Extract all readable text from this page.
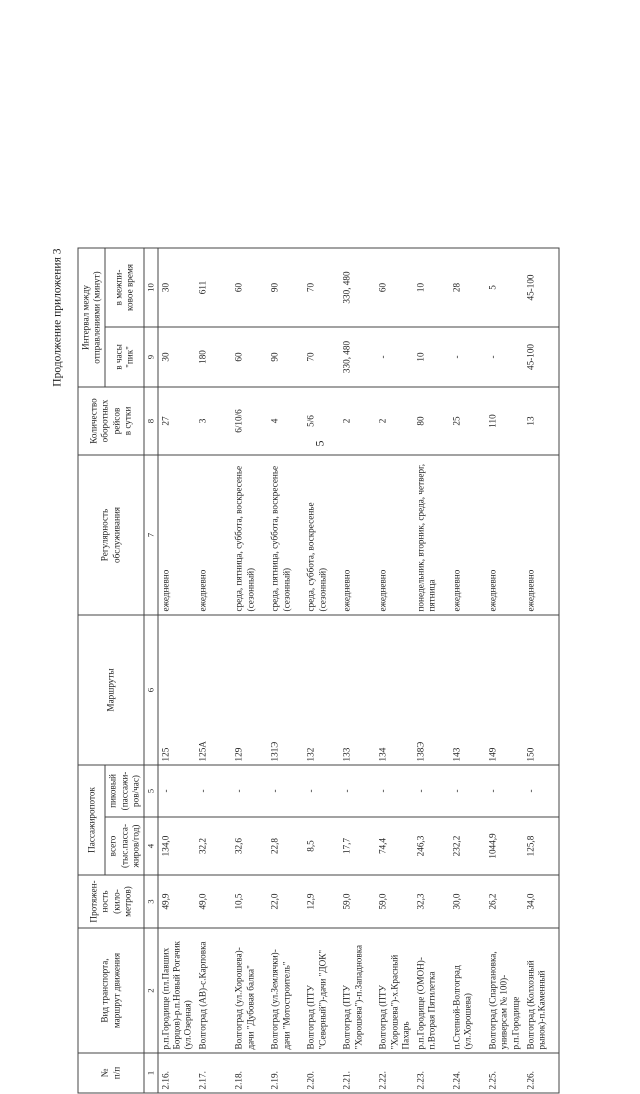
5
Продолжение приложения 3
№
п/п	Вид транспорта,
маршрут движения	Протяжен-
ность (кило-
метров)	Пассажиропоток		Маршруты	Регулярность
обслуживания	Количество
оборотных
рейсов
в сутки	Интервал между
отправлениями (минут)	
			всего
(тыс.пасса-
жиров/год)	пиковый
(пассажи-
ров/час)				в часы
"пик"	в межпи-
ковое время
1	2	3	4	5	6	7	8	9	10
2.16.	р.п.Городище (пл.Павших Борцов)-р.п.Новый Рогачик (ул.Озерная)	49,9	134,0	-	125	ежедневно	27	30	30
2.17.	Волгоград (АВ)-с.Карповка	49,0	32,2	-	125А	ежедневно	3	180	611
2.18.	Волгоград (ул.Хорошева)-дачи "Дубовая балка"	10,5	32,6	-	129	среда, пятница, суббота, воскресенье (сезонный)	6/10/6	60	60
2.19.	Волгоград (ул.Землячки)-дачи "Мотостроитель"	22,0	22,8	-	131Э	среда, пятница, суббота, воскресенье (сезонный)	4	90	90
2.20.	Волгоград (ПТУ "Северный")-дачи "ДОК"	12,9	8,5	-	132	среда, суббота, воскресенье (сезонный)	5/6	70	70
2.21.	Волгоград (ПТУ "Хорошева")-п.Западновка	59,0	17,7	-	133	ежедневно	2	330, 480	330, 480
2.22.	Волгоград (ПТУ "Хорошева")-х.Красный Пахарь	59,0	74,4	-	134	ежедневно	2	-	60
2.23.	р.п.Городище (ОМОН)-п.Вторая Пятилетка	32,3	246,3	-	138Э	понедельник, вторник, среда, четверг, пятница	80	10	10
2.24.	п.Степной-Волгоград (ул.Хорошева)	30,0	232,2	-	143	ежедневно	25	-	28
2.25.	Волгоград (Спартановка, универсам № 100)-р.п.Городище	26,2	1044,9	-	149	ежедневно	110	-	5
2.26.	Волгоград (Колхозный рынок)-п.Каменный	34,0	125,8	-	150	ежедневно	13	45-100	45-100
